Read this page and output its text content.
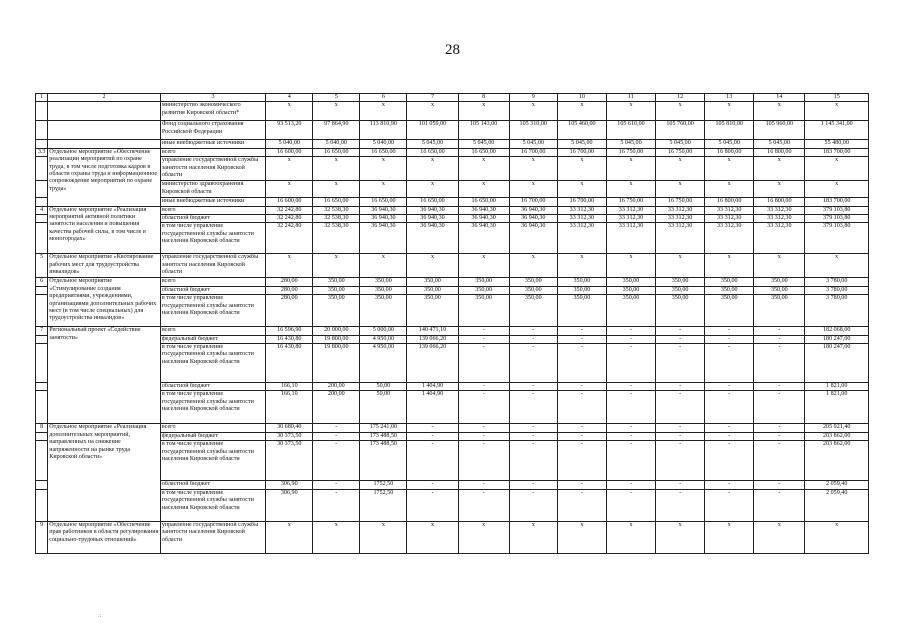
28
1	2	3	4	5	6	7	8	9	10	11	12	13	14	15
		министерство экономического развития Кировской области*	x	x	x	x	x	x	x	x	x	x	x	x
		Фонд социального страхования Российской Федерации	93 513,20	97 864,90	113 810,90	101 059,00	105 143,00	105 310,00	105 460,00	105 610,00	105 760,00	105 810,00	105 960,00	1 145 341,00
		иные внебюджетные источники	5 040,00	5 040,00	5 040,00	5 045,00	5 045,00	5 045,00	5 045,00	5 045,00	5 045,00	5 045,00	5 045,00	55 480,00
3.3	Отдельное мероприятие «Обеспечение реализации мероприятий по охране труда, в том числе подготовка кадров в области охраны труда и информационное сопровождение мероприятий по охране труда»	всего	16 600,00	16 650,00	16 650,00	16 650,00	16 650,00	16 700,00	16 700,00	16 750,00	16 750,00	16 800,00	16 800,00	183 700,00
		управление государственной службы занятости населения Кировской области	x	x	x	x	x	x	x	x	x	x	x	x
		министерство здравоохранения Кировской области	x	x	x	x	x	x	x	x	x	x	x	x
		иные внебюджетные источники	16 600,00	16 650,00	16 650,00	16 650,00	16 650,00	16 700,00	16 700,00	16 750,00	16 750,00	16 800,00	16 800,00	183 700,00
4	Отдельное мероприятие «Реализация мероприятий активной политики занятости населения и повышения качества рабочей силы, в том числе в моногородах»	всего	32 242,80	32 538,30	36 940,30	36 940,30	36 940,30	36 940,30	33 312,30	33 312,30	33 312,30	33 312,30	33 312,30	379 103,80
		областной бюджет	32 242,80	32 538,30	36 940,30	36 940,30	36 940,30	36 940,30	33 312,30	33 312,30	33 312,30	33 312,30	33 312,30	379 103,80
		в том числе управление государственной службы занятости населения Кировской области	32 242,80	32 538,30	36 940,30	36 940,30	36 940,30	36 940,30	33 312,30	33 312,30	33 312,30	33 312,30	33 312,30	379 103,80
5	Отдельное мероприятие «Квотирование рабочих мест для трудоустройства инвалидов»	управление государственной службы занятости населения Кировской области	x	x	x	x	x	x	x	x	x	x	x	x
6	Отдельное мероприятие «Стимулирование создания предприятиями, учреждениями, организациями дополнительных рабочих мест (в том числе специальных) для трудоустройства инвалидов»	всего	280,00	350,00	350,00	350,00	350,00	350,00	350,00	350,00	350,00	350,00	350,00	3 780,00
		областной бюджет	280,00	350,00	350,00	350,00	350,00	350,00	350,00	350,00	350,00	350,00	350,00	3 780,00
		в том числе управление государственной службы занятости населения Кировской области	280,00	350,00	350,00	350,00	350,00	350,00	350,00	350,00	350,00	350,00	350,00	3 780,00
7	Региональный проект «Содействие занятости»	всего	16 596,90	20 000,00	5 000,00	140 471,10	-	-	-	-	-	-	-	182 068,00
		федеральный бюджет	16 430,80	19 800,00	4 950,00	139 066,20	-	-	-	-	-	-	-	180 247,00
		в том числе управление государственной службы занятости населения Кировской области	16 430,80	19 800,00	4 950,00	139 066,20	-	-	-	-	-	-	-	180 247,00
		областной бюджет	166,10	200,00	50,00	1 404,90	-	-	-	-	-	-	-	1 821,00
		в том числе управление государственной службы занятости населения Кировской области	166,10	200,00	50,00	1 404,90	-	-	-	-	-	-	-	1 821,00
8	Отдельное мероприятие «Реализация дополнительных мероприятий, направленных на снижение напряженности на рынке труда Кировской области»	всего	30 680,40	-	175 241,00	-	-	-	-	-	-	-	-	205 921,40
		федеральный бюджет	30 373,50	-	173 488,50	-	-	-	-	-	-	-	-	203 862,00
		в том числе управление государственной службы занятости населения Кировской области	30 373,50	-	173 488,50	-	-	-	-	-	-	-	-	203 862,00
		областной бюджет	306,90	-	1752,50	-	-	-	-	-	-	-	-	2 059,40
		в том числе управление государственной службы занятости населения Кировской области	306,90	-	1752,50	-	-	-	-	-	-	-	-	2 059,40
9	Отдельное мероприятие «Обеспечение прав работников в области регулирования социально-трудовых отношений»	управление государственной службы занятости населения Кировской области	x	x	x	x	x	x	x	x	x	x	x	x
.:
